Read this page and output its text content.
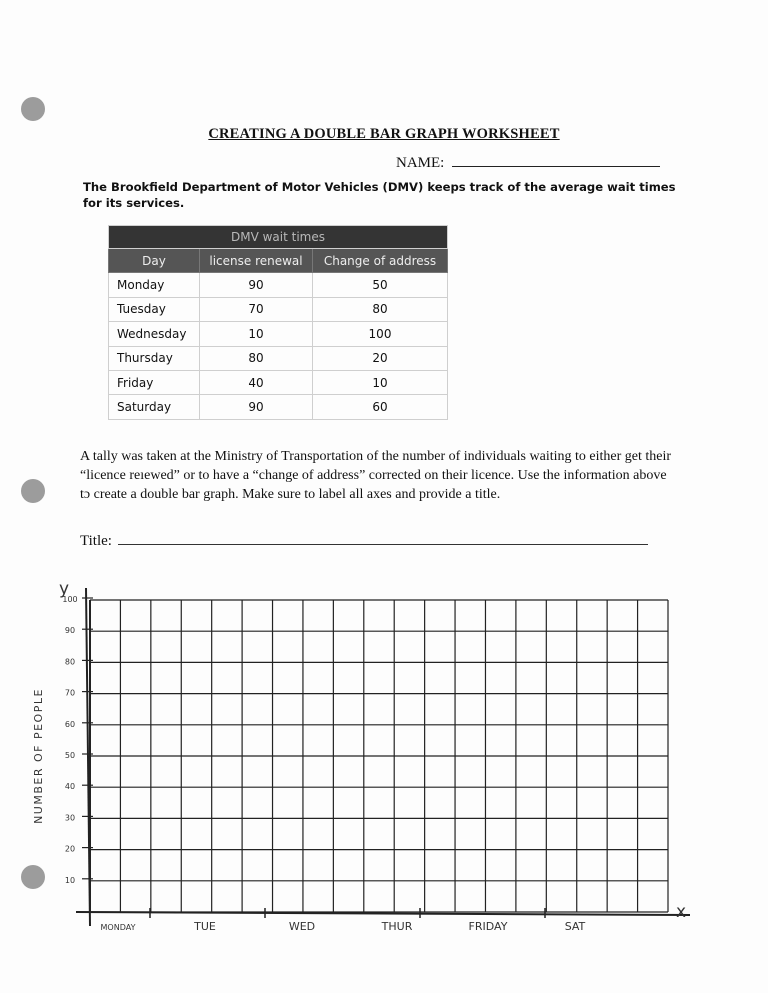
CREATING A DOUBLE BAR GRAPH WORKSHEET
NAME:
The Brookfield Department of Motor Vehicles (DMV) keeps track of the average wait times for its services.
DMV wait times		
Day	license renewal	Change of address
Monday	90	50
Tuesday	70	80
Wednesday	10	100
Thursday	80	20
Friday	40	10
Saturday	90	60
A tally was taken at the Ministry of Transportation of the number of individuals waiting to either get their “licence reıewed” or to have a “change of address” corrected on their licence. Use the information above tɔ create a double bar graph. Make sure to label all axes and provide a title.
Title:
10
20
30
40
50
60
70
80
90
100
MONDAY	TUE	WED	THUR	FRIDAY	SAT
NUMBER OF PEOPLE
y
x
